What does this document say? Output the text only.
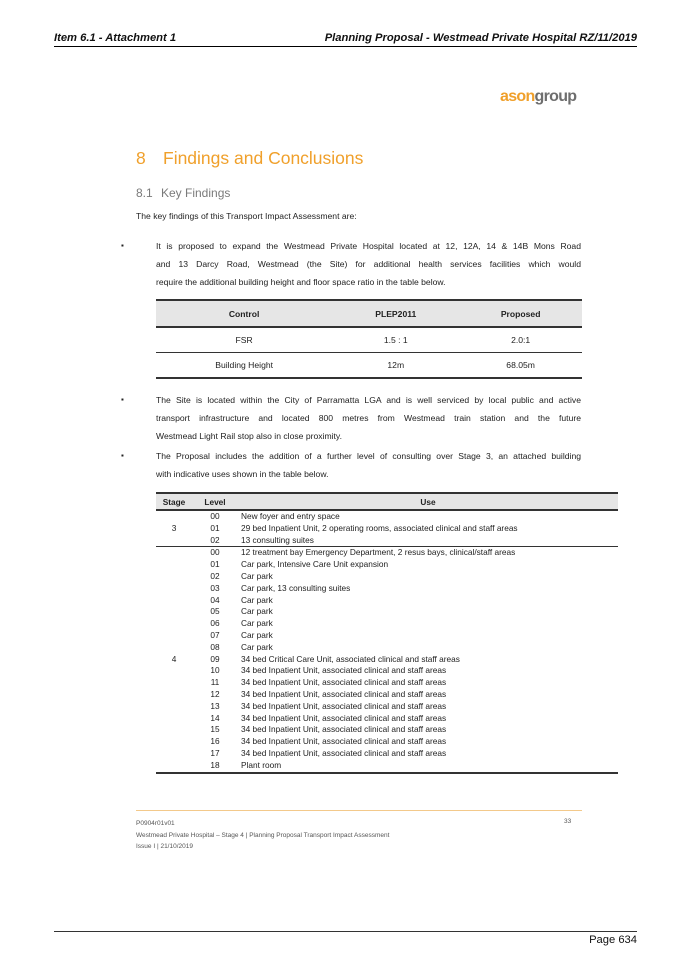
Item 6.1 - Attachment 1	Planning Proposal - Westmead Private Hospital RZ/11/2019
asongroup
8 Findings and Conclusions
8.1 Key Findings
The key findings of this Transport Impact Assessment are:
▪	It is proposed to expand the Westmead Private Hospital located at 12, 12A, 14 & 14B Mons Road
and 13 Darcy Road, Westmead (the Site) for additional health services facilities which would
require the additional building height and floor space ratio in the table below.
Control	PLEP2011	Proposed
FSR	1.5 : 1	2.0:1
Building Height	12m	68.05m
▪	The Site is located within the City of Parramatta LGA and is well serviced by local public and active
transport infrastructure and located 800 metres from Westmead train station and the future
Westmead Light Rail stop also in close proximity.
▪	The Proposal includes the addition of a further level of consulting over Stage 3, an attached building
with indicative uses shown in the table below.
Stage	Level	Use
	00	New foyer and entry space
3	01	29 bed Inpatient Unit, 2 operating rooms, associated clinical and staff areas
	02	13 consulting suites
	00	12 treatment bay Emergency Department, 2 resus bays, clinical/staff areas
	01	Car park, Intensive Care Unit expansion
	02	Car park
	03	Car park, 13 consulting suites
	04	Car park
	05	Car park
	06	Car park
	07	Car park
	08	Car park
4	09	34 bed Critical Care Unit, associated clinical and staff areas
	10	34 bed Inpatient Unit, associated clinical and staff areas
	11	34 bed Inpatient Unit, associated clinical and staff areas
	12	34 bed Inpatient Unit, associated clinical and staff areas
	13	34 bed Inpatient Unit, associated clinical and staff areas
	14	34 bed Inpatient Unit, associated clinical and staff areas
	15	34 bed Inpatient Unit, associated clinical and staff areas
	16	34 bed Inpatient Unit, associated clinical and staff areas
	17	34 bed Inpatient Unit, associated clinical and staff areas
	18	Plant room
P0904r01v01
Westmead Private Hospital – Stage 4 | Planning Proposal Transport Impact Assessment
Issue I | 21/10/2019
33
Page 634
